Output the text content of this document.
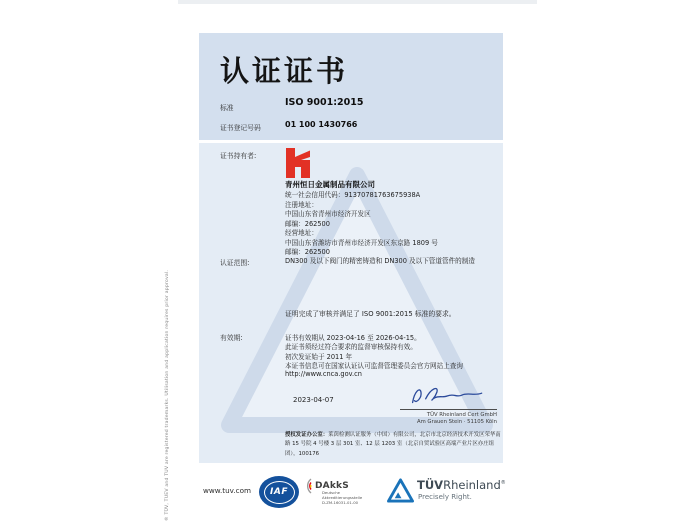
® TÜV, TUEV and TUV are registered trademarks. Utilisation and application requires prior approval.
认证证书
标准	ISO 9001:2015
证书登记号码	01 100 1430766
证书持有者:
青州恒日金属制品有限公司
统一社会信用代码：91370781763675938A
注册地址：
中国山东省青州市经济开发区
邮编：262500
经营地址：
中国山东省潍坊市青州市经济开发区东京路 1809 号
邮编：262500
认证范围:	DN300 及以下阀门的精密铸造和 DN300 及以下管道管件的制造
证明完成了审核并满足了 ISO 9001:2015 标准的要求。
有效期:	证书有效期从 2023-04-16 至 2026-04-15。
此证书须经过符合要求的监督审核保持有效。
初次发证始于 2011 年
本证书信息可在国家认证认可监督管理委员会官方网站上查询
http://www.cnca.gov.cn
2023-04-07
TÜV Rheinland Cert GmbH
Am Grauen Stein · 51105 Köln

授权发证办公室：莱茵检测认证服务（中国）有限公司，北京市北京经济技术开发区荣华南路 15 号院 4 号楼 3 层 301 室、12 层 1203 室（北京自贸试验区高端产业片区亦庄组团），100176

www.tuv.com IAF
DAkkS
Deutsche
Akkreditierungsstelle
D-ZM-16031-01-00
TÜVRheinland®
Precisely Right.
